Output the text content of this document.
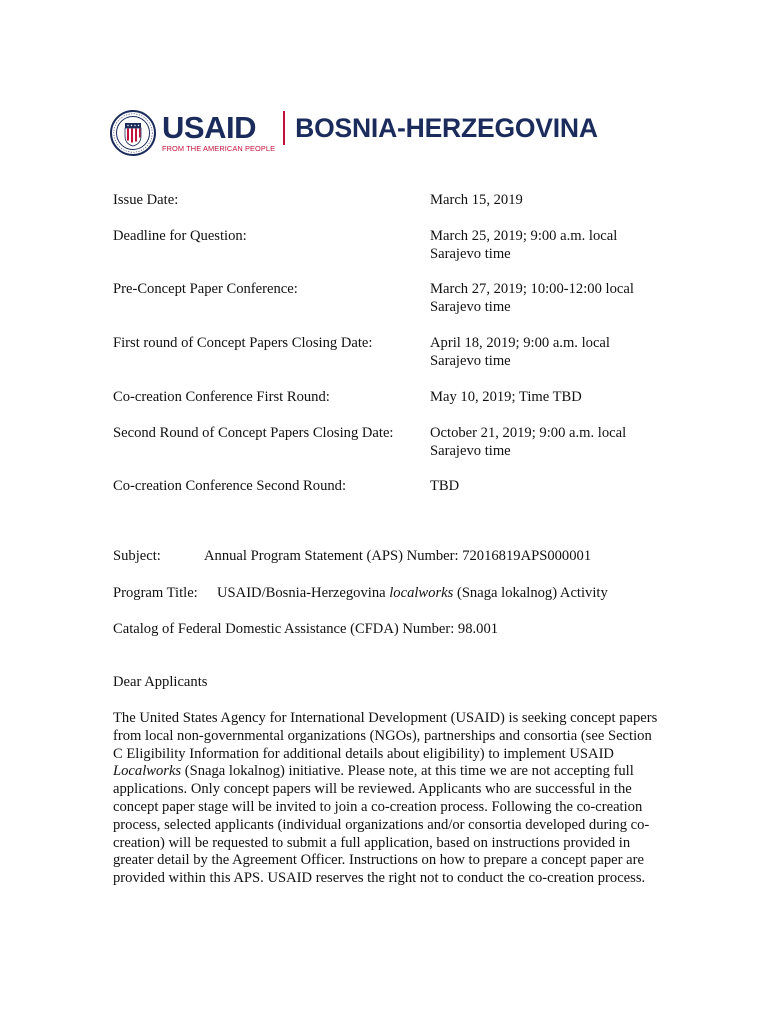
USAID
FROM THE AMERICAN PEOPLE
BOSNIA-HERZEGOVINA
Issue Date:	March 15, 2019
Deadline for Question:	March 25, 2019; 9:00 a.m. local Sarajevo time
Pre-Concept Paper Conference:	March 27, 2019; 10:00-12:00 local Sarajevo time
First round of Concept Papers Closing Date:	April 18, 2019; 9:00 a.m. local Sarajevo time
Co-creation Conference First Round:	May 10, 2019; Time TBD
Second Round of Concept Papers Closing Date:	October 21, 2019; 9:00 a.m. local Sarajevo time
Co-creation Conference Second Round:	TBD
Subject:	Annual Program Statement (APS) Number: 72016819APS000001
Program Title: USAID/Bosnia-Herzegovina localworks (Snaga lokalnog) Activity
Catalog of Federal Domestic Assistance (CFDA) Number: 98.001
Dear Applicants

The United States Agency for International Development (USAID) is seeking concept papers from local non-governmental organizations (NGOs), partnerships and consortia (see Section C Eligibility Information for additional details about eligibility) to implement USAID Localworks (Snaga lokalnog) initiative. Please note, at this time we are not accepting full applications. Only concept papers will be reviewed. Applicants who are successful in the concept paper stage will be invited to join a co-creation process. Following the co-creation process, selected applicants (individual organizations and/or consortia developed during co-creation) will be requested to submit a full application, based on instructions provided in greater detail by the Agreement Officer. Instructions on how to prepare a concept paper are provided within this APS. USAID reserves the right not to conduct the co-creation process.
